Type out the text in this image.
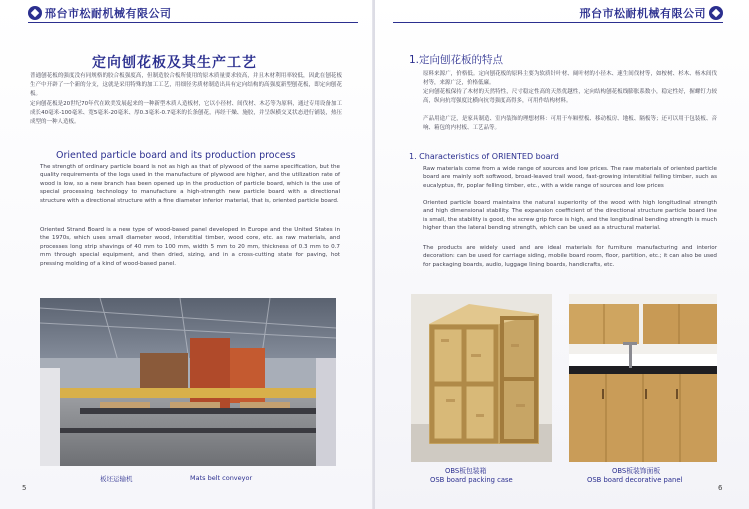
邢台市松耐机械有限公司
定向刨花板及其生产工艺

普通刨花板的强度没有同规格的胶合板强度高，但制造胶合板所使用的原木质量要求较高，并且木材利用率较低，因此在刨花板生产中开辟了一个新的分支，这就是采用特殊的加工工艺，用细径劣质材制造出具有定向结构的高强度新型刨花板，即定向刨花板。

定向刨花板是20世纪70年代在欧美发展起来的一种新型木质人造板材，它以小径材、间伐材、木芯等为原料，通过专用设备加工成长40毫米-100毫米、宽5毫米-20毫米、厚0.3毫米-0.7毫米的长条刨花，再经干燥、施胶，并呈纵横交叉状态进行铺装，热压成型的一种人造板。

Oriented particle board and its production process

The strength of ordinary particle board is not as high as that of plywood of the same specification, but the quality requirements of the logs used in the manufacture of plywood are higher, and the utilization rate of wood is low, so a new branch has been opened up in the production of particle board, which is the use of special processing technology to manufacture a high-strength new particle board with a directional structure with a directional structure with a fine diameter inferior material, that is, oriented particle board.

Oriented Strand Board is a new type of wood-based panel developed in Europe and the United States in the 1970s, which uses small diameter wood, interstitial timber, wood core, etc. as raw materials, and processes long strip shavings of 40 mm to 100 mm, width 5 mm to 20 mm, thickness of 0.3 mm to 0.7 mm through special equipment, and then dried, sizing, and in a cross-cutting state for paving, hot pressing molding of a kind of wood-based panel.

板坯运输机	Mats belt conveyor
5
邢台市松耐机械有限公司
1.定向刨花板的特点

原料来源广，价格低。定向刨花板的原料主要为软质针叶材、阔叶材的小径木、速生间伐材等，如桉树、杉木、杨木间伐材等，来源广泛，价格低廉。

定向刨花板保持了木材的天然特性，尺寸稳定性高的天然优越性，定向结构刨花板线膨胀系数小，稳定性好，握螺钉力较高，纵向抗弯强度比横向抗弯强度高得多，可用作结构材料。

产品用途广泛，是家具制造、室内装饰的理想材料：可用于车厢壁板、移动板房、地板、隔板等；还可以用于包装板、音响、箱包的内衬板、工艺品等。

1. Characteristics of ORIENTED board

Raw materials come from a wide range of sources and low prices. The raw materials of oriented particle board are mainly soft softwood, broad-leaved trail wood, fast-growing interstitial felling timber, such as eucalyptus, fir, poplar felling timber, etc., with a wide range of sources and low prices

Oriented particle board maintains the natural superiority of the wood with high longitudinal strength and high dimensional stability. The expansion coefficient of the directional structure particle board line is small, the stability is good, the screw grip force is high, and the longitudinal bending strength is much higher than the lateral bending strength, which can be used as a structural material.

The products are widely used and are ideal materials for furniture manufacturing and interior decoration: can be used for carriage siding, mobile board room, floor, partition, etc.; it can also be used for packaging boards, audio, luggage lining boards, handicrafts, etc.

OBS板包装箱
OSB board packing case
OBS板装饰面板
OSB board decorative panel
6
